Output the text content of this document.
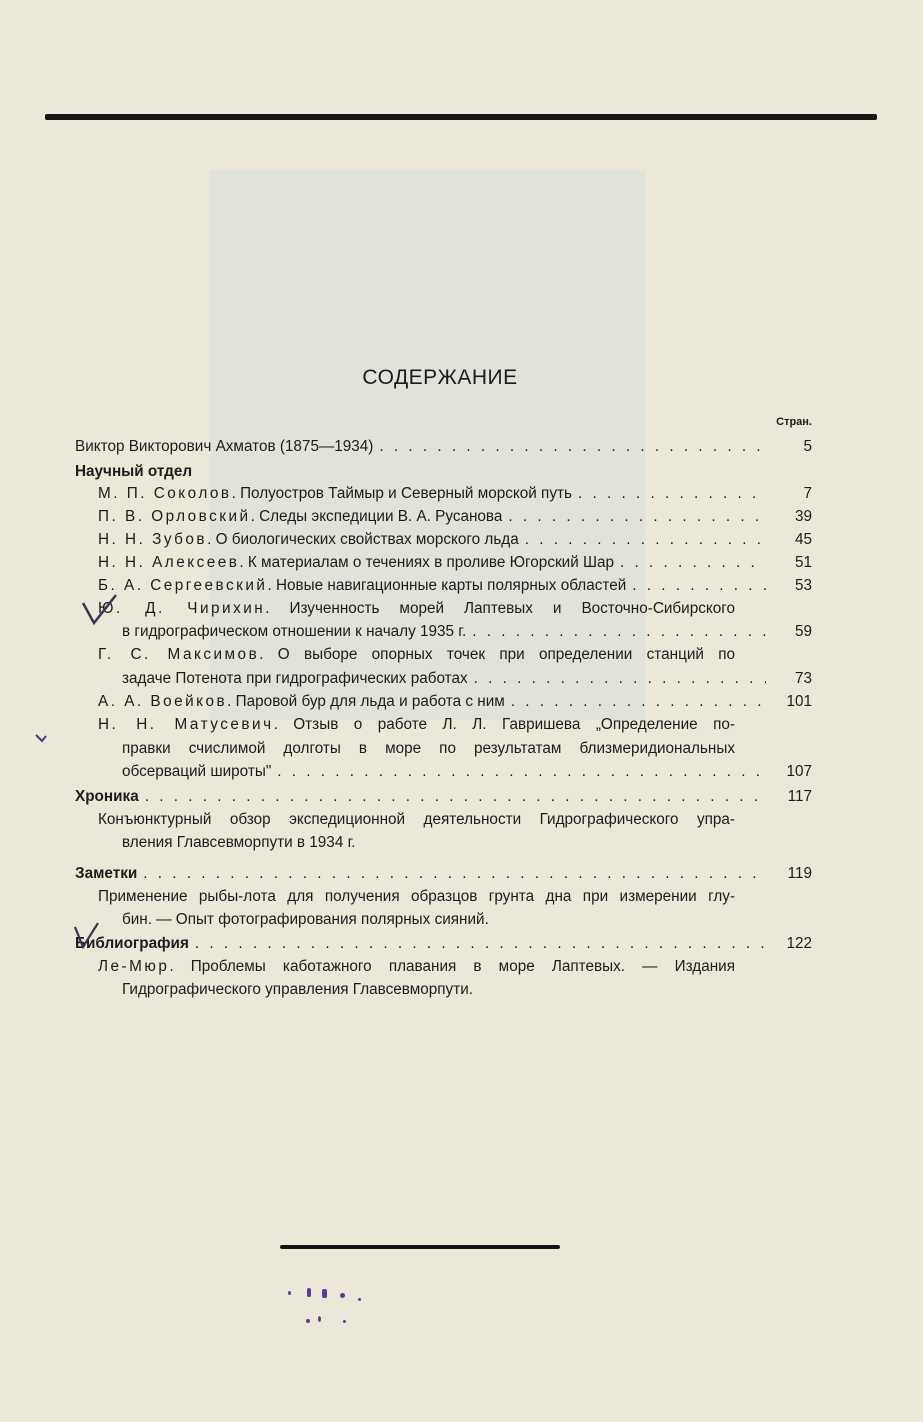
СОДЕРЖАНИЕ
Стран.
Виктор Викторович Ахматов (1875—1934) . . .	5
Научный отдел
М. П. Соколов. Полуостров Таймыр и Северный морской путь . . .	7
П. В. Орловский. Следы экспедиции В. А. Русанова . . .	39
Н. Н. Зубов. О биологических свойствах морского льда . . .	45
Н. Н. Алексеев. К материалам о течениях в проливе Югорский Шар . . .	51
Б. А. Сергеевский. Новые навигационные карты полярных областей . . .	53
Ю. Д. Чирихин. Изученность морей Лаптевых и Восточно-Сибирского
в гидрографическом отношении к началу 1935 г. . . .	59
Г. С. Максимов. О выборе опорных точек при определении станций по
задаче Потенота при гидрографических работах . . .	73
А. А. Воейков. Паровой бур для льда и работа с ним . . .	101
Н. Н. Матусевич. Отзыв о работе Л. Л. Гавришева „Определение по-
правки счислимой долготы в море по результатам близмеридиональных
обсерваций широты" . . .	107
Хроника . . .	117
Конъюнктурный обзор экспедиционной деятельности Гидрографического упра-
вления Главсевморпути в 1934 г.
Заметки . . .	119
Применение рыбы-лота для получения образцов грунта дна при измерении глу-
бин. — Опыт фотографирования полярных сияний.
Библиография . . .	122
Ле-Мюр. Проблемы каботажного плавания в море Лаптевых. — Издания
Гидрографического управления Главсевморпути.
